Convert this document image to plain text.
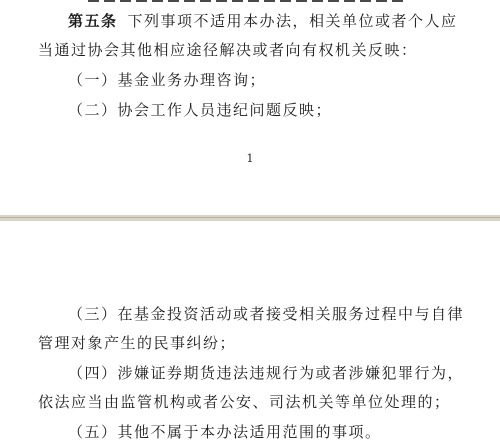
第五条 下列事项不适用本办法，相关单位或者个人应
当通过协会其他相应途径解决或者向有权机关反映：
（一）基金业务办理咨询；
（二）协会工作人员违纪问题反映；
1
（三）在基金投资活动或者接受相关服务过程中与自律
管理对象产生的民事纠纷；
（四）涉嫌证券期货违法违规行为或者涉嫌犯罪行为，
依法应当由监管机构或者公安、司法机关等单位处理的；
（五）其他不属于本办法适用范围的事项。
